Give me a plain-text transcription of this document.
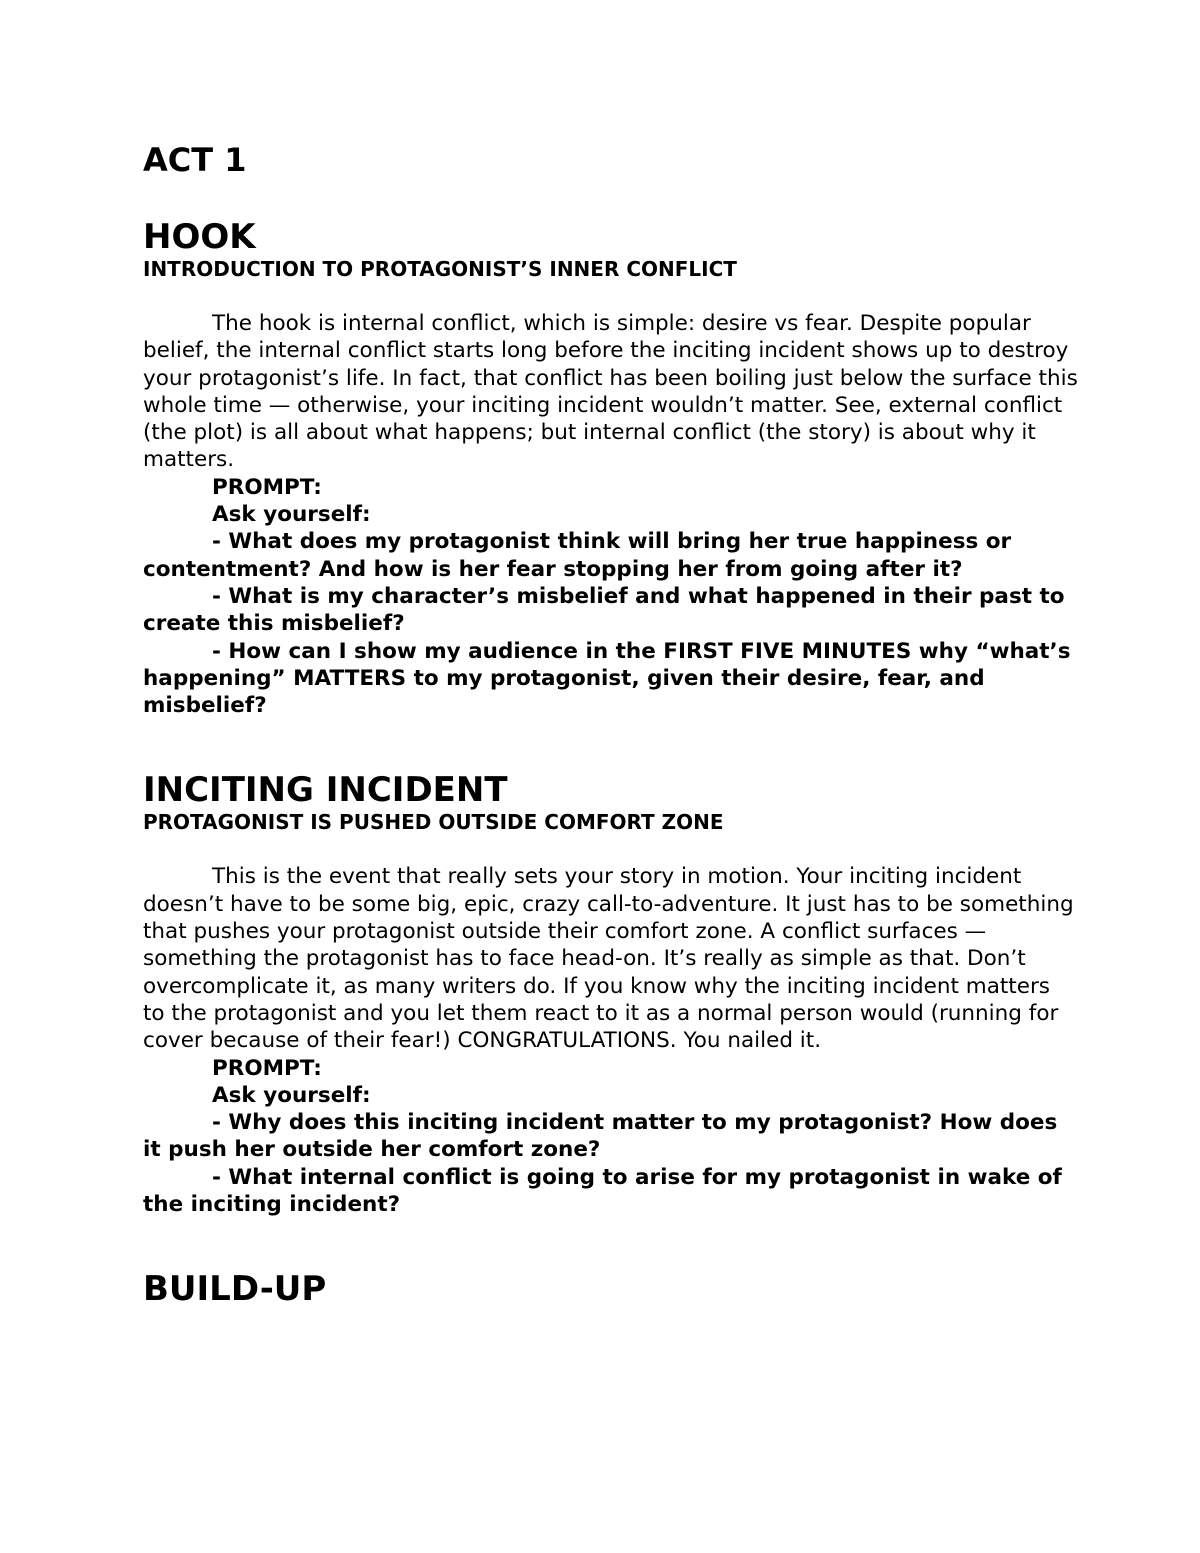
ACT 1
HOOK
INTRODUCTION TO PROTAGONIST’S INNER CONFLICT

The hook is internal conflict, which is simple: desire vs fear. Despite popular belief, the internal conflict starts long before the inciting incident shows up to destroy your protagonist’s life. In fact, that conflict has been boiling just below the surface this whole time — otherwise, your inciting incident wouldn’t matter. See, external conflict (the plot) is all about what happens; but internal conflict (the story) is about why it matters.

PROMPT:

Ask yourself:

- What does my protagonist think will bring her true happiness or contentment? And how is her fear stopping her from going after it?

- What is my character’s misbelief and what happened in their past to create this misbelief?

- How can I show my audience in the FIRST FIVE MINUTES why “what’s happening” MATTERS to my protagonist, given their desire, fear, and misbelief?

INCITING INCIDENT
PROTAGONIST IS PUSHED OUTSIDE COMFORT ZONE

This is the event that really sets your story in motion. Your inciting incident doesn’t have to be some big, epic, crazy call-to-adventure. It just has to be something that pushes your protagonist outside their comfort zone. A conflict surfaces — something the protagonist has to face head-on. It’s really as simple as that. Don’t overcomplicate it, as many writers do. If you know why the inciting incident matters to the protagonist and you let them react to it as a normal person would (running for cover because of their fear!) CONGRATULATIONS. You nailed it.

PROMPT:

Ask yourself:

- Why does this inciting incident matter to my protagonist? How does it push her outside her comfort zone?

- What internal conflict is going to arise for my protagonist in wake of the inciting incident?

BUILD-UP
